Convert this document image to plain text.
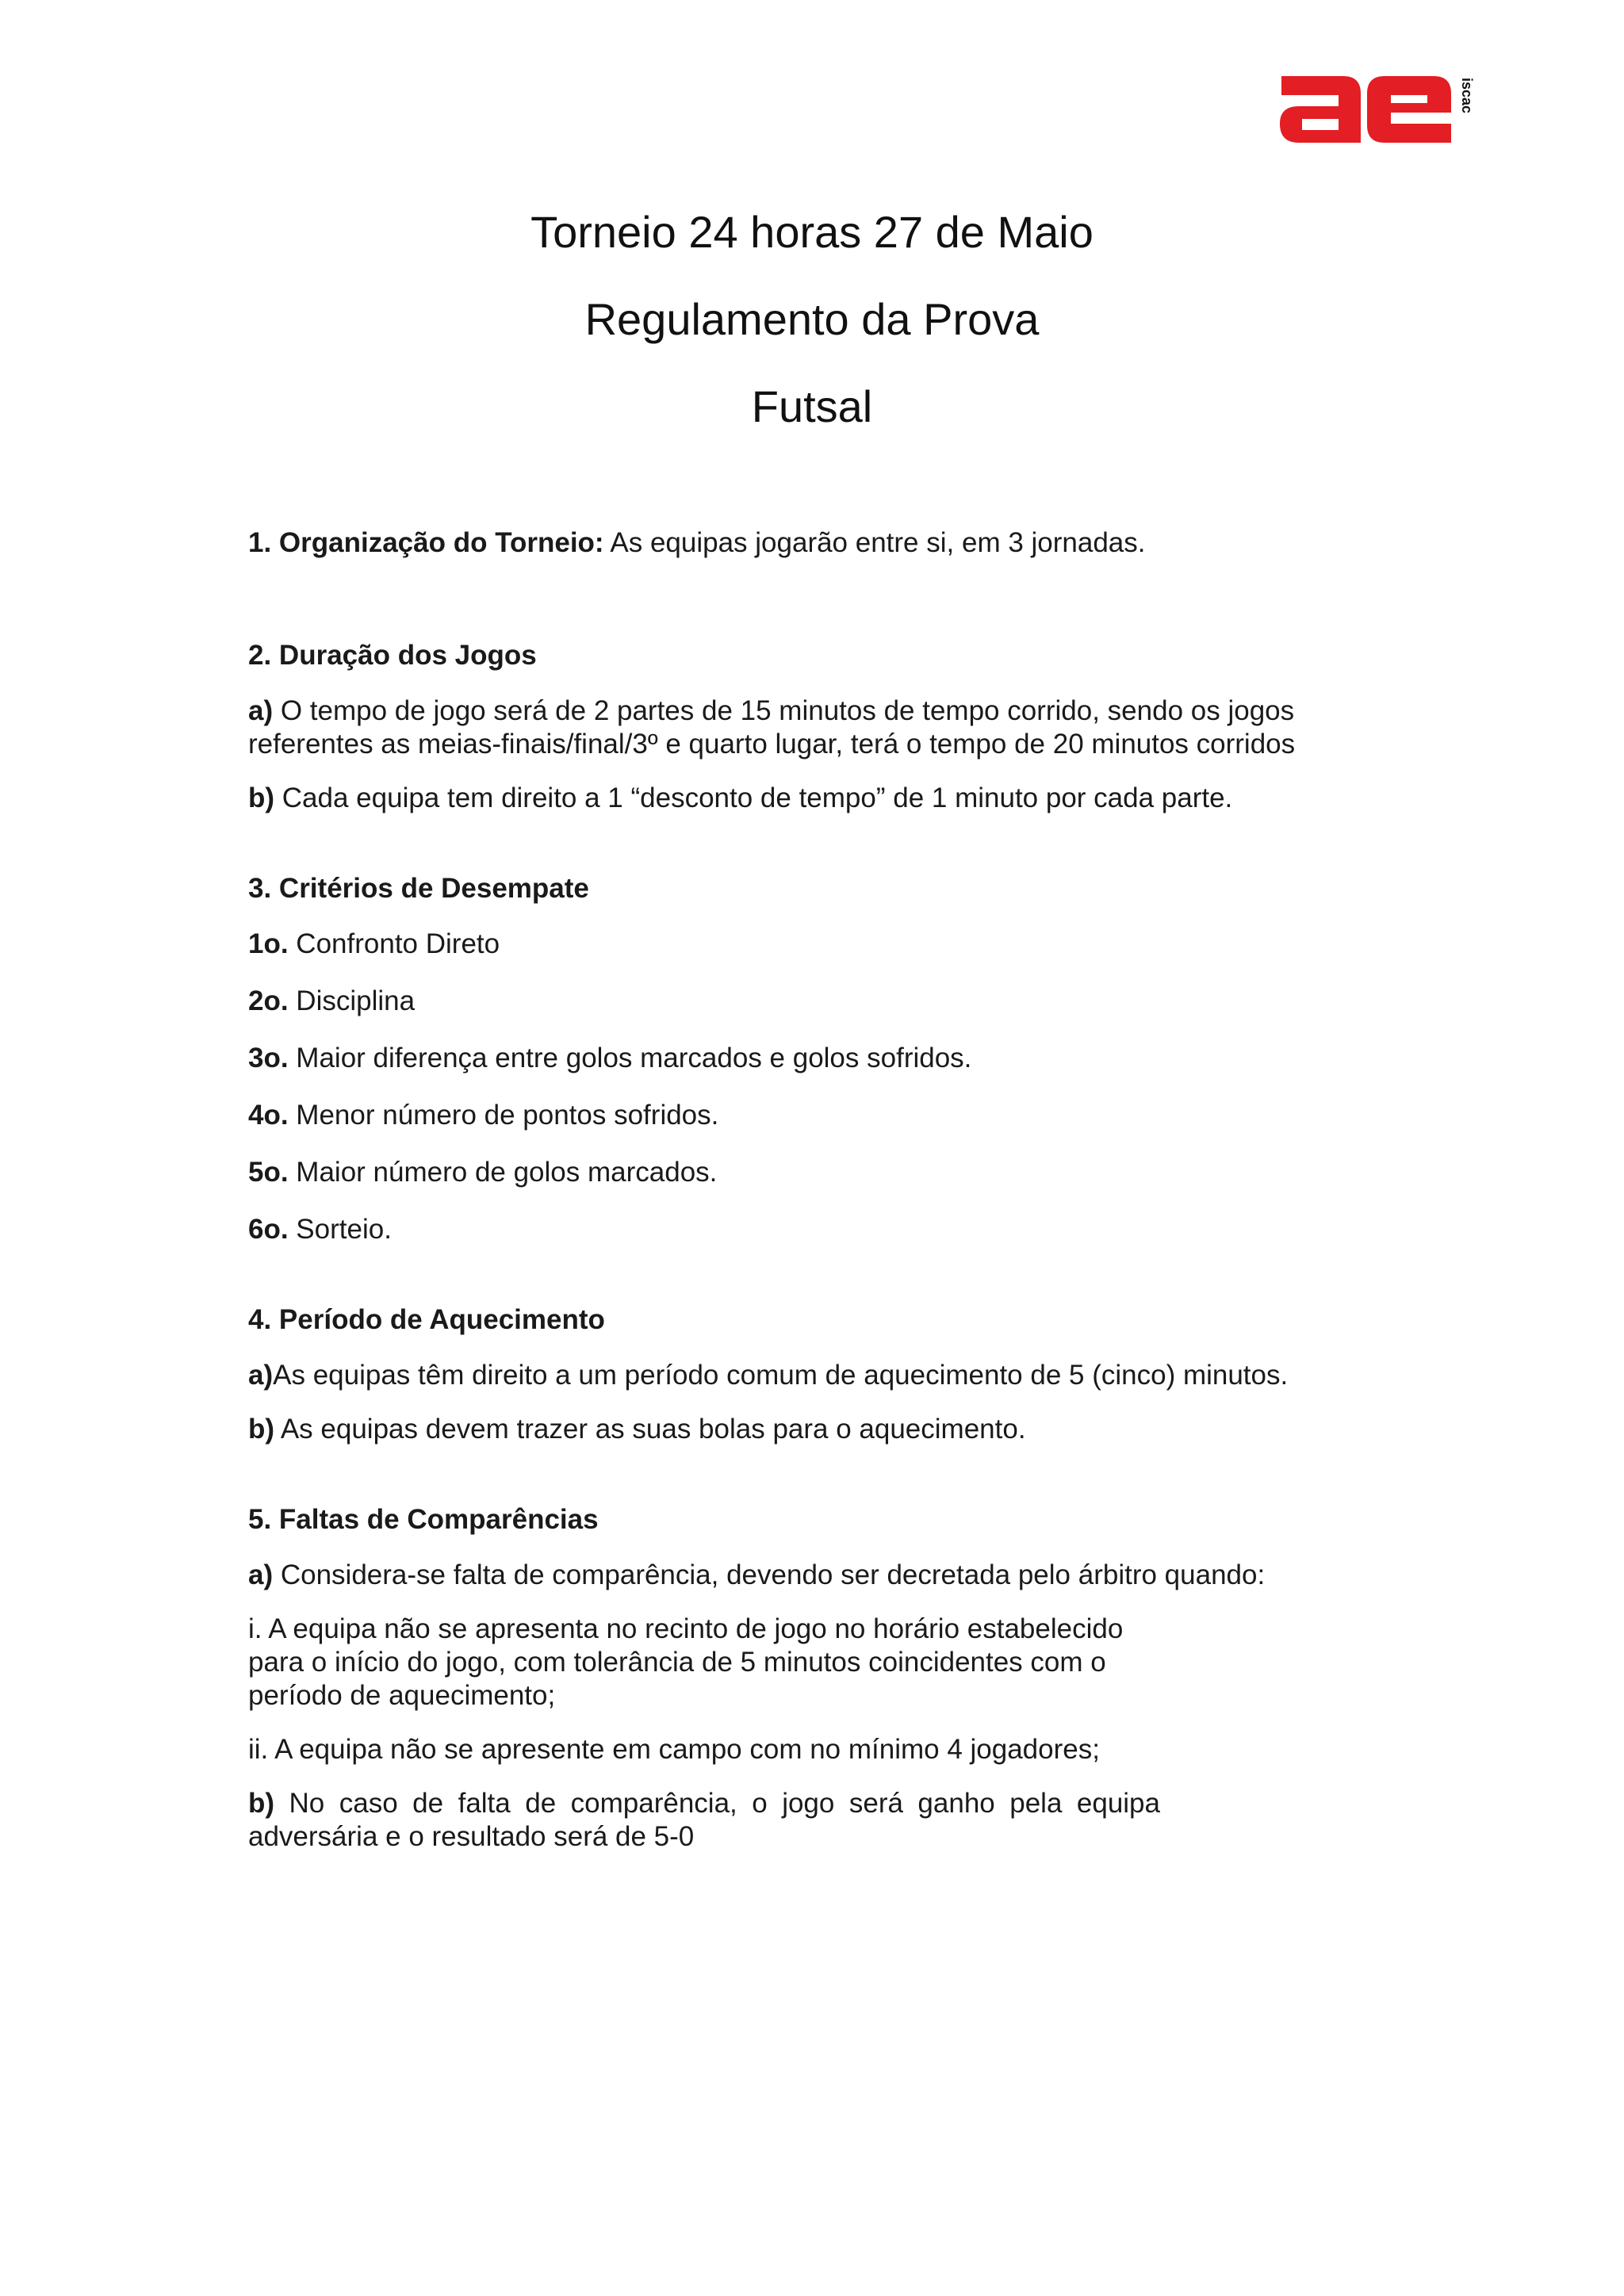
iscac

Torneio 24 horas 27 de Maio

Regulamento da Prova

Futsal

1. Organização do Torneio: As equipas jogarão entre si, em 3 jornadas.

2. Duração dos Jogos

a) O tempo de jogo será de 2 partes de 15 minutos de tempo corrido, sendo os jogos referentes as meias-finais/final/3º e quarto lugar, terá o tempo de 20 minutos corridos

b) Cada equipa tem direito a 1 “desconto de tempo” de 1 minuto por cada parte.

3. Critérios de Desempate

1o. Confronto Direto

2o. Disciplina

3o. Maior diferença entre golos marcados e golos sofridos.

4o. Menor número de pontos sofridos.

5o. Maior número de golos marcados.

6o. Sorteio.

4. Período de Aquecimento

a)As equipas têm direito a um período comum de aquecimento de 5 (cinco) minutos.

b) As equipas devem trazer as suas bolas para o aquecimento.

5. Faltas de Comparências

a) Considera-se falta de comparência, devendo ser decretada pelo árbitro quando:

i. A equipa não se apresenta no recinto de jogo no horário estabelecido para o início do jogo, com tolerância de 5 minutos coincidentes com o período de aquecimento;

ii. A equipa não se apresente em campo com no mínimo 4 jogadores;

b) No caso de falta de comparência, o jogo será ganho pela equipa adversária e o resultado será de 5-0
